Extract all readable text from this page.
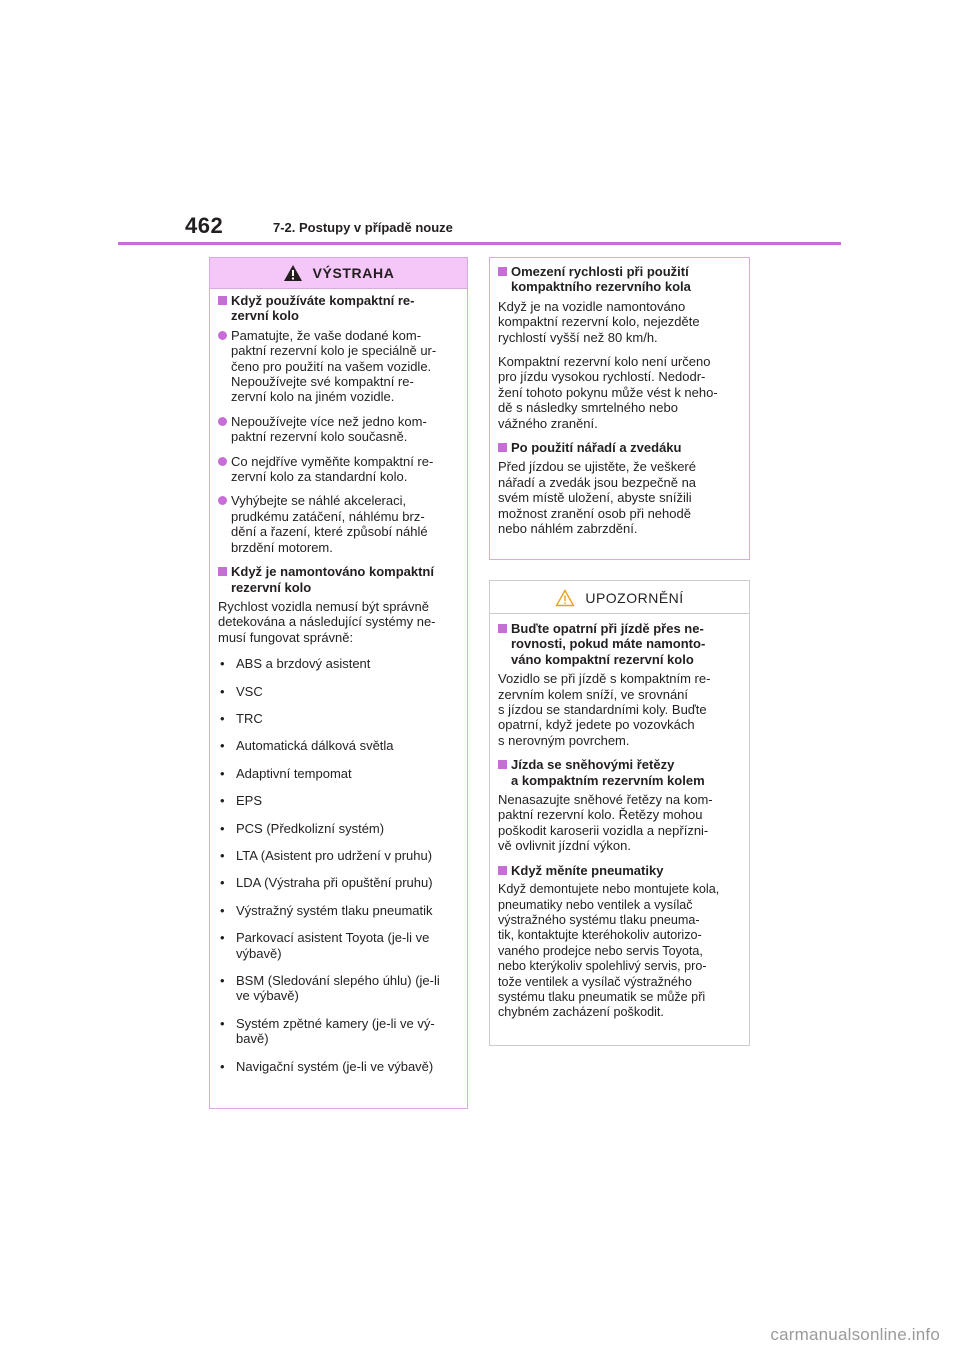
462	7-2. Postupy v případě nouze
VÝSTRAHA
Když používáte kompaktní re-
zervní kolo
Pamatujte, že vaše dodané kom-
paktní rezervní kolo je speciálně ur-
čeno pro použití na vašem vozidle.
Nepoužívejte své kompaktní re-
zervní kolo na jiném vozidle.
Nepoužívejte více než jedno kom-
paktní rezervní kolo současně.
Co nejdříve vyměňte kompaktní re-
zervní kolo za standardní kolo.
Vyhýbejte se náhlé akceleraci,
prudkému zatáčení, náhlému brz-
dění a řazení, které způsobí náhlé
brzdění motorem.
Když je namontováno kompaktní
rezervní kolo
Rychlost vozidla nemusí být správně
detekována a následující systémy ne-
musí fungovat správně:
• ABS a brzdový asistent
• VSC
• TRC
• Automatická dálková světla
• Adaptivní tempomat
• EPS
• PCS (Předkolizní systém)
• LTA (Asistent pro udržení v pruhu)
• LDA (Výstraha při opuštění pruhu)
• Výstražný systém tlaku pneumatik
• Parkovací asistent Toyota (je-li ve
výbavě)
• BSM (Sledování slepého úhlu) (je-li
ve výbavě)
• Systém zpětné kamery (je-li ve vý-
bavě)
• Navigační systém (je-li ve výbavě)
Omezení rychlosti při použití
kompaktního rezervního kola
Když je na vozidle namontováno
kompaktní rezervní kolo, nejezděte
rychlostí vyšší než 80 km/h.
Kompaktní rezervní kolo není určeno
pro jízdu vysokou rychlostí. Nedodr-
žení tohoto pokynu může vést k neho-
dě s následky smrtelného nebo
vážného zranění.
Po použití nářadí a zvedáku
Před jízdou se ujistěte, že veškeré
nářadí a zvedák jsou bezpečně na
svém místě uložení, abyste snížili
možnost zranění osob při nehodě
nebo náhlém zabrzdění.
UPOZORNĚNÍ
Buďte opatrní při jízdě přes ne-
rovnosti, pokud máte namonto-
váno kompaktní rezervní kolo
Vozidlo se při jízdě s kompaktním re-
zervním kolem sníží, ve srovnání
s jízdou se standardními koly. Buďte
opatrní, když jedete po vozovkách
s nerovným povrchem.
Jízda se sněhovými řetězy
a kompaktním rezervním kolem
Nenasazujte sněhové řetězy na kom-
paktní rezervní kolo. Řetězy mohou
poškodit karoserii vozidla a nepřízni-
vě ovlivnit jízdní výkon.
Když měníte pneumatiky
Když demontujete nebo montujete kola,
pneumatiky nebo ventilek a vysílač
výstražného systému tlaku pneuma-
tik, kontaktujte kteréhokoliv autorizo-
vaného prodejce nebo servis Toyota,
nebo kterýkoliv spolehlivý servis, pro-
tože ventilek a vysílač výstražného
systému tlaku pneumatik se může při
chybném zacházení poškodit.
carmanualsonline.info
